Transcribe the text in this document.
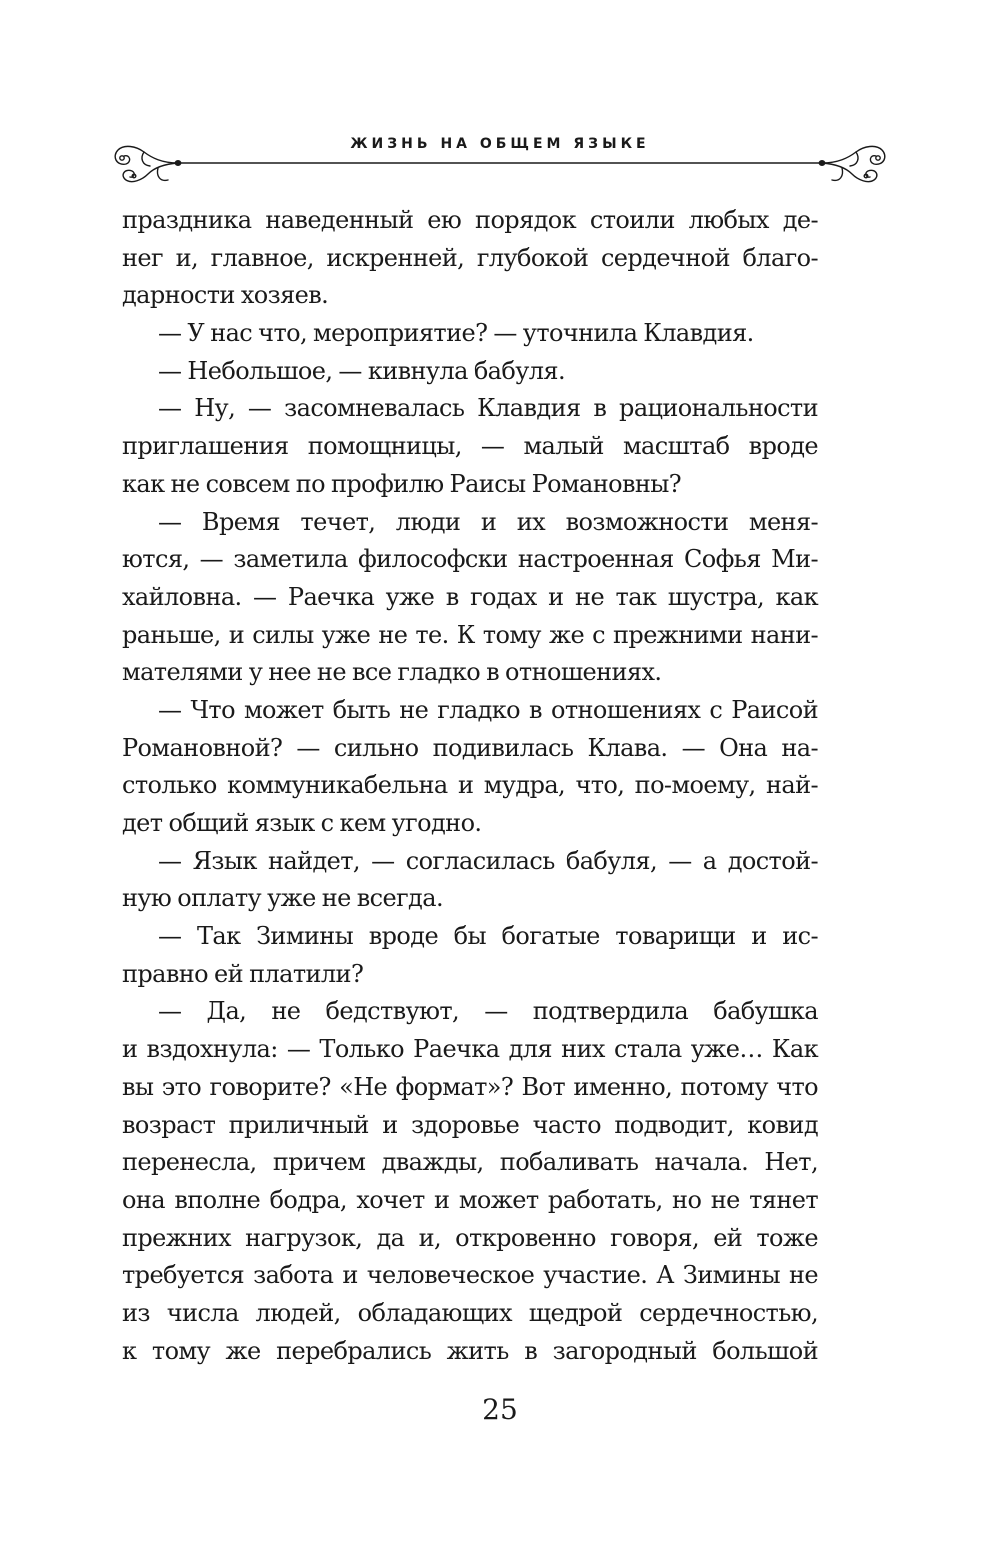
ЖИЗНЬ НА ОБЩЕМ ЯЗЫКЕ
праздника наведенный ею порядок стоили любых де-
нег и, главное, искренней, глубокой сердечной благо-
дарности хозяев.
— У нас что, мероприятие? — уточнила Клавдия.
— Небольшое, — кивнула бабуля.
— Ну, — засомневалась Клавдия в рациональности
приглашения помощницы, — малый масштаб вроде
как не совсем по профилю Раисы Романовны?
— Время течет, люди и их возможности меня-
ются, — заметила философски настроенная Софья Ми-
хайловна. — Раечка уже в годах и не так шустра, как
раньше, и силы уже не те. К тому же с прежними нани-
мателями у нее не все гладко в отношениях.
— Что может быть не гладко в отношениях с Раисой
Романовной? — сильно подивилась Клава. — Она на-
столько коммуникабельна и мудра, что, по-моему, най-
дет общий язык с кем угодно.
— Язык найдет, — согласилась бабуля, — а достой-
ную оплату уже не всегда.
— Так Зимины вроде бы богатые товарищи и ис-
правно ей платили?
— Да, не бедствуют, — подтвердила бабушка
и вздохнула: — Только Раечка для них стала уже… Как
вы это говорите? «Не формат»? Вот именно, потому что
возраст приличный и здоровье часто подводит, ковид
перенесла, причем дважды, побаливать начала. Нет,
она вполне бодра, хочет и может работать, но не тянет
прежних нагрузок, да и, откровенно говоря, ей тоже
требуется забота и человеческое участие. А Зимины не
из числа людей, обладающих щедрой сердечностью,
к тому же перебрались жить в загородный большой
25
